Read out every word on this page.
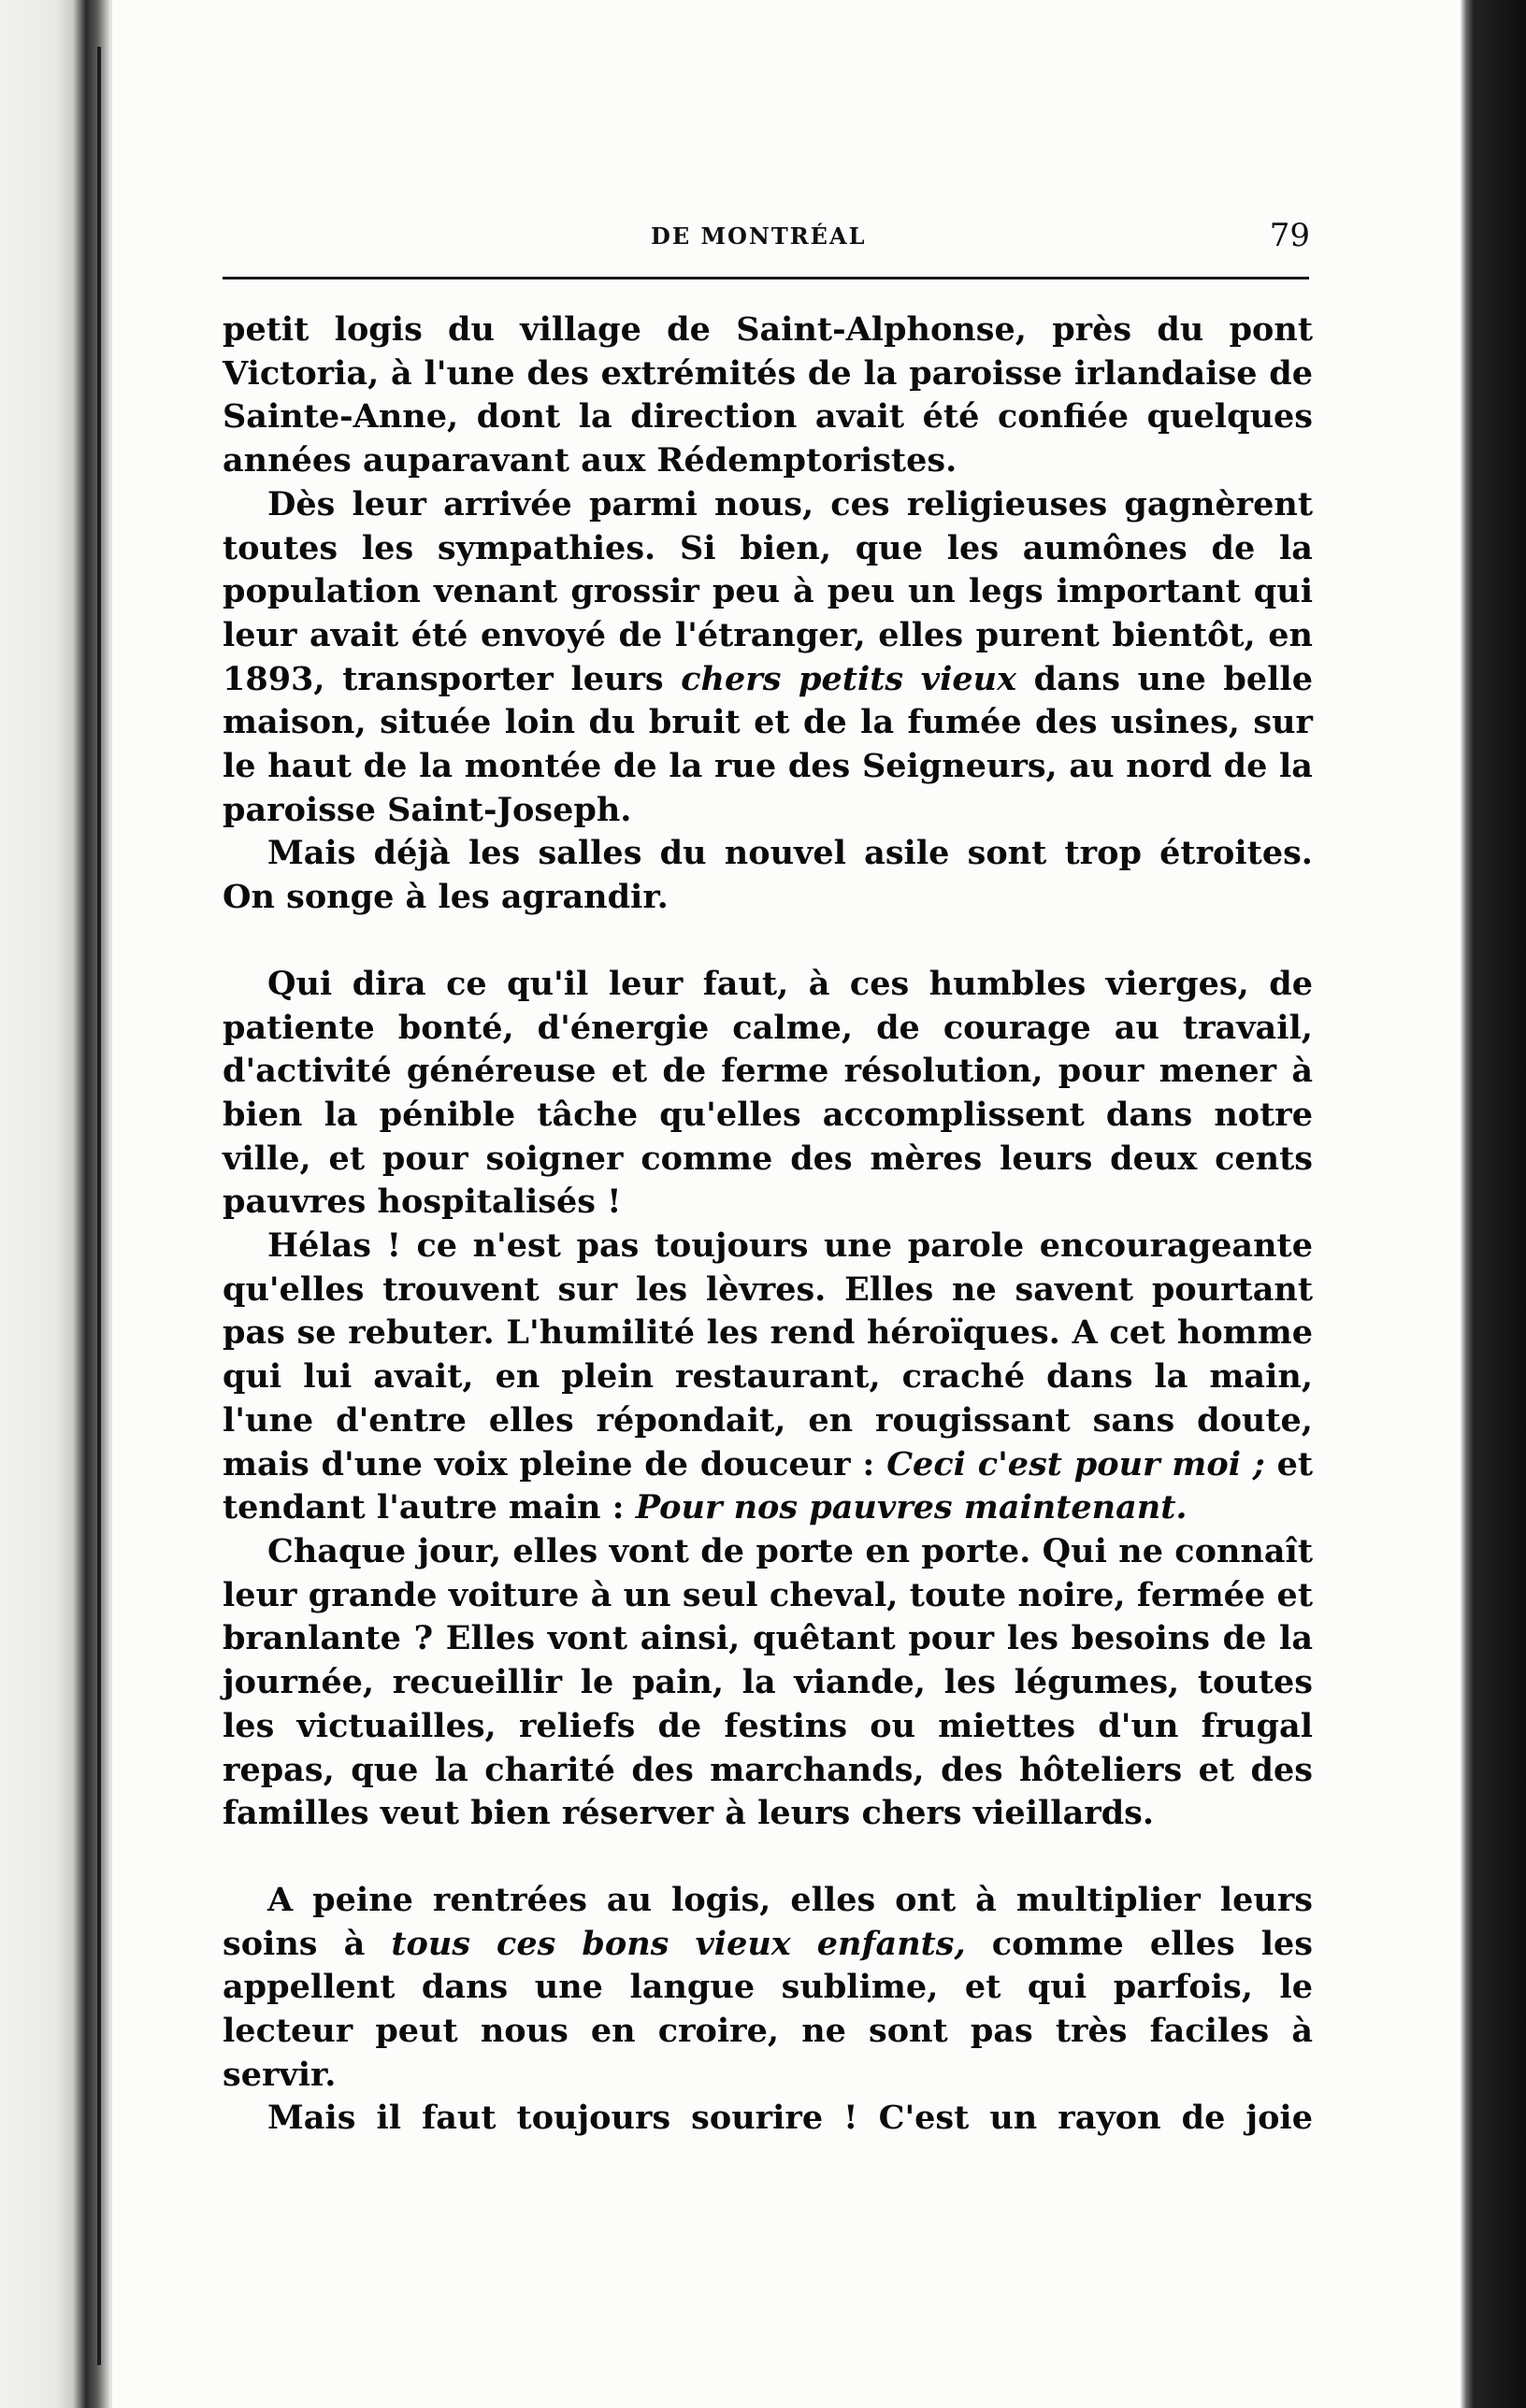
DE MONTRÉAL	79

petit logis du village de Saint-Alphonse, près du pont Victoria, à l'une des extrémités de la paroisse irlandaise de Sainte-Anne, dont la direction avait été confiée quelques années auparavant aux Rédemptoristes.

Dès leur arrivée parmi nous, ces religieuses gagnèrent toutes les sympathies. Si bien, que les aumônes de la population venant grossir peu à peu un legs important qui leur avait été envoyé de l'étranger, elles purent bientôt, en 1893, transporter leurs chers petits vieux dans une belle maison, située loin du bruit et de la fumée des usines, sur le haut de la montée de la rue des Seigneurs, au nord de la paroisse Saint-Joseph.

Mais déjà les salles du nouvel asile sont trop étroites. On songe à les agrandir.

Qui dira ce qu'il leur faut, à ces humbles vierges, de patiente bonté, d'énergie calme, de courage au travail, d'activité généreuse et de ferme résolution, pour mener à bien la pénible tâche qu'elles accomplissent dans notre ville, et pour soigner comme des mères leurs deux cents pauvres hospitalisés !

Hélas ! ce n'est pas toujours une parole encourageante qu'elles trouvent sur les lèvres. Elles ne savent pourtant pas se rebuter. L'humilité les rend héroïques. A cet homme qui lui avait, en plein restaurant, craché dans la main, l'une d'entre elles répondait, en rougissant sans doute, mais d'une voix pleine de douceur : Ceci c'est pour moi ; et tendant l'autre main : Pour nos pauvres maintenant.

Chaque jour, elles vont de porte en porte. Qui ne connaît leur grande voiture à un seul cheval, toute noire, fermée et branlante ? Elles vont ainsi, quêtant pour les besoins de la journée, recueillir le pain, la viande, les légumes, toutes les victuailles, reliefs de festins ou miettes d'un frugal repas, que la charité des marchands, des hôteliers et des familles veut bien réserver à leurs chers vieillards.

A peine rentrées au logis, elles ont à multiplier leurs soins à tous ces bons vieux enfants, comme elles les appellent dans une langue sublime, et qui parfois, le lecteur peut nous en croire, ne sont pas très faciles à servir.

Mais il faut toujours sourire ! C'est un rayon de joie
